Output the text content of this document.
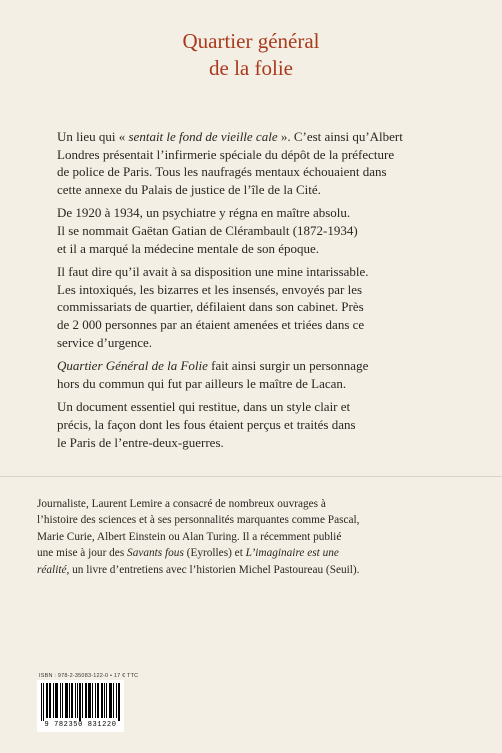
Quartier général
de la folie
Un lieu qui « sentait le fond de vieille cale ». C’est ainsi qu’Albert
Londres présentait l’infirmerie spéciale du dépôt de la préfecture
de police de Paris. Tous les naufragés mentaux échouaient dans
cette annexe du Palais de justice de l’île de la Cité.
De 1920 à 1934, un psychiatre y régna en maître absolu.
Il se nommait Gaëtan Gatian de Clérambault (1872-1934)
et il a marqué la médecine mentale de son époque.
Il faut dire qu’il avait à sa disposition une mine intarissable.
Les intoxiqués, les bizarres et les insensés, envoyés par les
commissariats de quartier, défilaient dans son cabinet. Près
de 2 000 personnes par an étaient amenées et triées dans ce
service d’urgence.
Quartier Général de la Folie fait ainsi surgir un personnage
hors du commun qui fut par ailleurs le maître de Lacan.
Un document essentiel qui restitue, dans un style clair et
précis, la façon dont les fous étaient perçus et traités dans
le Paris de l’entre-deux-guerres.
Journaliste, Laurent Lemire a consacré de nombreux ouvrages à
l’histoire des sciences et à ses personnalités marquantes comme Pascal,
Marie Curie, Albert Einstein ou Alan Turing. Il a récemment publié
une mise à jour des Savants fous (Eyrolles) et L’imaginaire est une
réalité, un livre d’entretiens avec l’historien Michel Pastoureau (Seuil).
ISBN : 978-2-35083-122-0 • 17 € TTC
9 782350 831220
